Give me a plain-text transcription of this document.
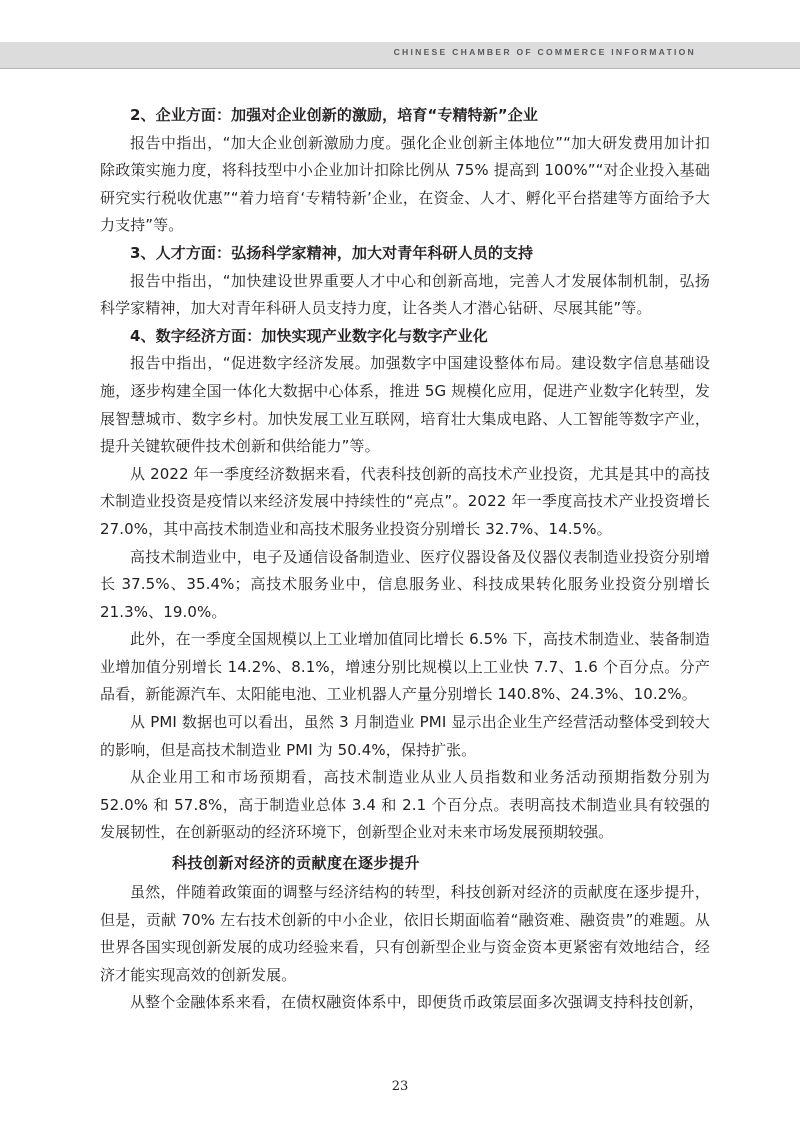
CHINESE CHAMBER OF COMMERCE INFORMATION

2、企业方面：加强对企业创新的激励，培育“专精特新”企业

报告中指出，“加大企业创新激励力度。强化企业创新主体地位”“加大研发费用加计扣除政策实施力度，将科技型中小企业加计扣除比例从 75% 提高到 100%”“对企业投入基础研究实行税收优惠”“着力培育‘专精特新’企业，在资金、人才、孵化平台搭建等方面给予大力支持”等。

3、人才方面：弘扬科学家精神，加大对青年科研人员的支持

报告中指出，“加快建设世界重要人才中心和创新高地，完善人才发展体制机制，弘扬科学家精神，加大对青年科研人员支持力度，让各类人才潜心钻研、尽展其能”等。

4、数字经济方面：加快实现产业数字化与数字产业化

报告中指出，“促进数字经济发展。加强数字中国建设整体布局。建设数字信息基础设施，逐步构建全国一体化大数据中心体系，推进 5G 规模化应用，促进产业数字化转型，发展智慧城市、数字乡村。加快发展工业互联网，培育壮大集成电路、人工智能等数字产业，提升关键软硬件技术创新和供给能力”等。

从 2022 年一季度经济数据来看，代表科技创新的高技术产业投资，尤其是其中的高技术制造业投资是疫情以来经济发展中持续性的“亮点”。2022 年一季度高技术产业投资增长 27.0%，其中高技术制造业和高技术服务业投资分别增长 32.7%、14.5%。

高技术制造业中，电子及通信设备制造业、医疗仪器设备及仪器仪表制造业投资分别增长 37.5%、35.4%；高技术服务业中，信息服务业、科技成果转化服务业投资分别增长 21.3%、19.0%。

此外，在一季度全国规模以上工业增加值同比增长 6.5% 下，高技术制造业、装备制造业增加值分别增长 14.2%、8.1%，增速分别比规模以上工业快 7.7、1.6 个百分点。分产品看，新能源汽车、太阳能电池、工业机器人产量分别增长 140.8%、24.3%、10.2%。

从 PMI 数据也可以看出，虽然 3 月制造业 PMI 显示出企业生产经营活动整体受到较大的影响，但是高技术制造业 PMI 为 50.4%，保持扩张。

从企业用工和市场预期看，高技术制造业从业人员指数和业务活动预期指数分别为 52.0% 和 57.8%，高于制造业总体 3.4 和 2.1 个百分点。表明高技术制造业具有较强的发展韧性，在创新驱动的经济环境下，创新型企业对未来市场发展预期较强。

科技创新对经济的贡献度在逐步提升

虽然，伴随着政策面的调整与经济结构的转型，科技创新对经济的贡献度在逐步提升，但是，贡献 70% 左右技术创新的中小企业，依旧长期面临着“融资难、融资贵”的难题。从世界各国实现创新发展的成功经验来看，只有创新型企业与资金资本更紧密有效地结合，经济才能实现高效的创新发展。

从整个金融体系来看，在债权融资体系中，即便货币政策层面多次强调支持科技创新，

23
